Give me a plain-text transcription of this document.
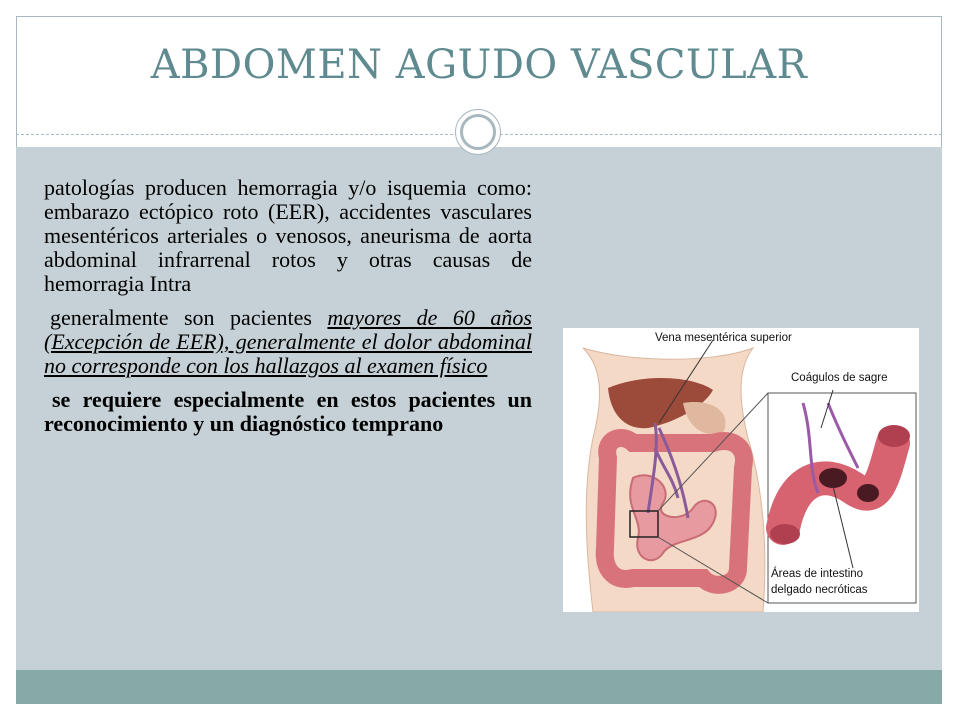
ABDOMEN AGUDO VASCULAR

patologías producen hemorragia y/o isquemia como: embarazo ectópico roto (EER), accidentes vasculares mesentéricos arteriales o venosos, aneurisma de aorta abdominal infrarrenal rotos y otras causas de hemorragia Intra

generalmente son pacientes mayores de 60 años (Excepción de EER), generalmente el dolor abdominal no corresponde con los hallazgos al examen físico

se requiere especialmente en estos pacientes un reconocimiento y un diagnóstico temprano

Vena mesentérica superior
Coágulos de sagre
Áreas de intestino
delgado necróticas
